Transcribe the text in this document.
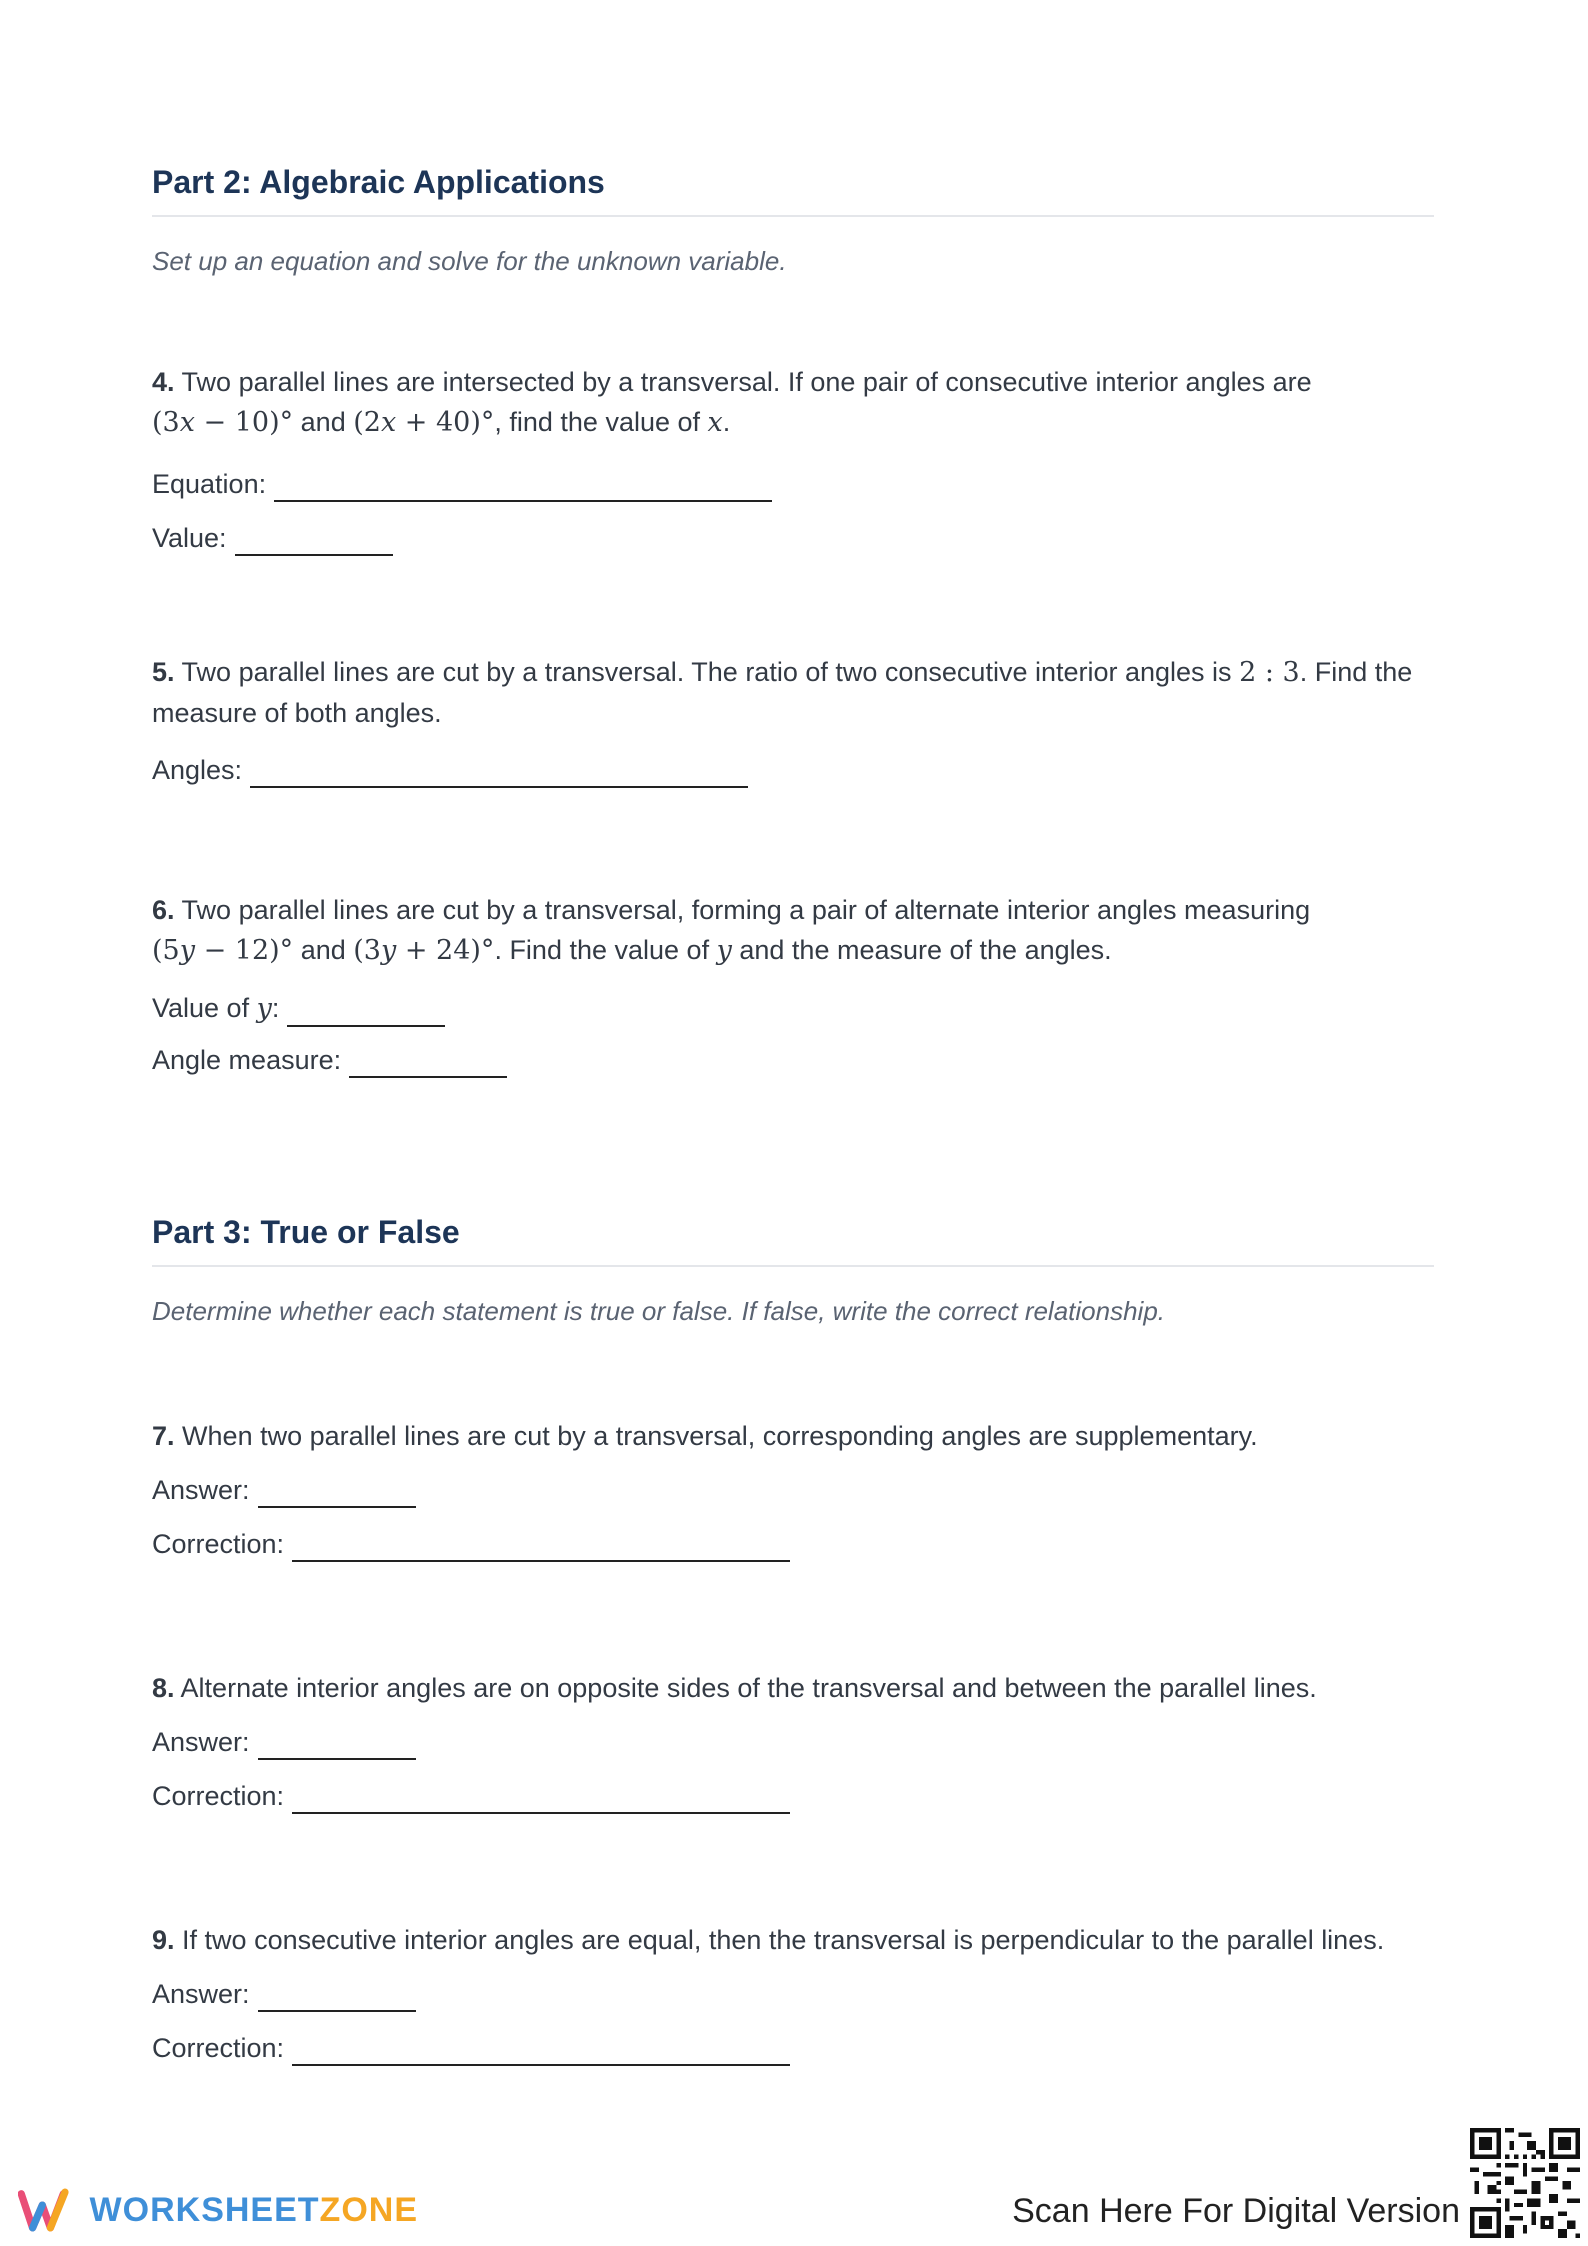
Part 2: Algebraic Applications
Set up an equation and solve for the unknown variable.
4. Two parallel lines are intersected by a transversal. If one pair of consecutive interior angles are
(3x − 10)° and (2x + 40)°, find the value of x.
Equation:
Value:
5. Two parallel lines are cut by a transversal. The ratio of two consecutive interior angles is 2 : 3. Find the measure of both angles.
Angles:
6. Two parallel lines are cut by a transversal, forming a pair of alternate interior angles measuring
(5y − 12)° and (3y + 24)°. Find the value of y and the measure of the angles.
Value of y:
Angle measure:
Part 3: True or False
Determine whether each statement is true or false. If false, write the correct relationship.
7. When two parallel lines are cut by a transversal, corresponding angles are supplementary.
Answer:
Correction:
8. Alternate interior angles are on opposite sides of the transversal and between the parallel lines.
Answer:
Correction:
9. If two consecutive interior angles are equal, then the transversal is perpendicular to the parallel lines.
Answer:
Correction:
WORKSHEETZONE	Scan Here For Digital Version
